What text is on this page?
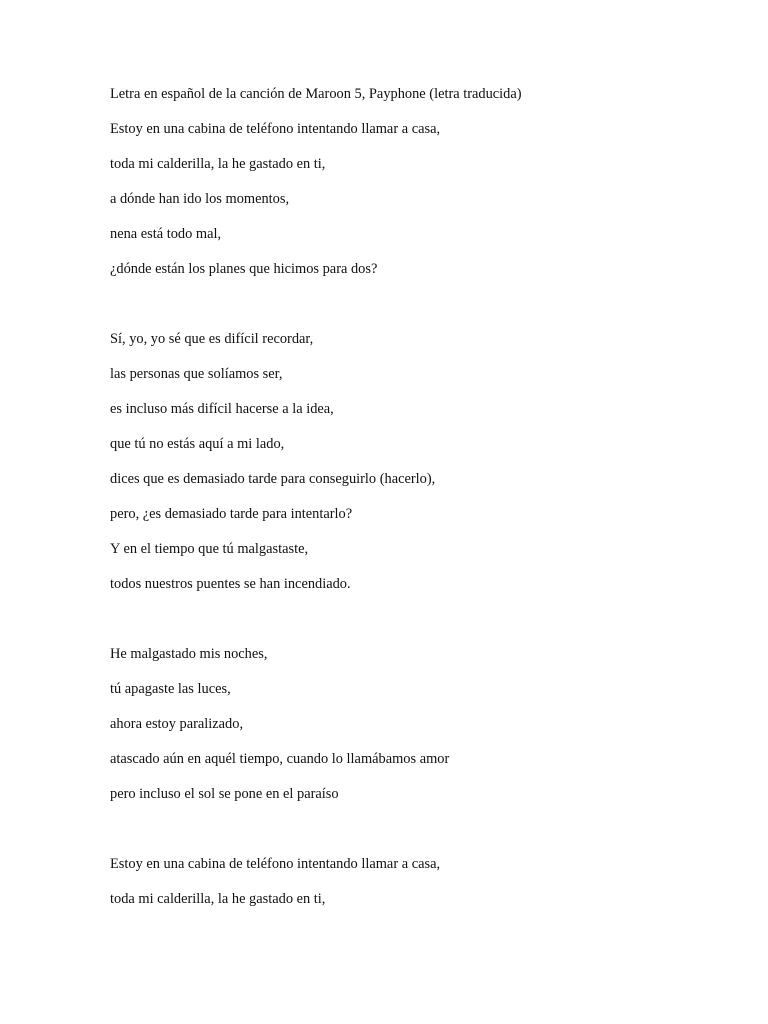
Letra en español de la canción de Maroon 5, Payphone (letra traducida)
Estoy en una cabina de teléfono intentando llamar a casa,
toda mi calderilla, la he gastado en ti,
a dónde han ido los momentos,
nena está todo mal,
¿dónde están los planes que hicimos para dos?
Sí, yo, yo sé que es difícil recordar,
las personas que solíamos ser,
es incluso más difícil hacerse a la idea,
que tú no estás aquí a mi lado,
dices que es demasiado tarde para conseguirlo (hacerlo),
pero, ¿es demasiado tarde para intentarlo?
Y en el tiempo que tú malgastaste,
todos nuestros puentes se han incendiado.
He malgastado mis noches,
tú apagaste las luces,
ahora estoy paralizado,
atascado aún en aquél tiempo, cuando lo llamábamos amor
pero incluso el sol se pone en el paraíso
Estoy en una cabina de teléfono intentando llamar a casa,
toda mi calderilla, la he gastado en ti,
